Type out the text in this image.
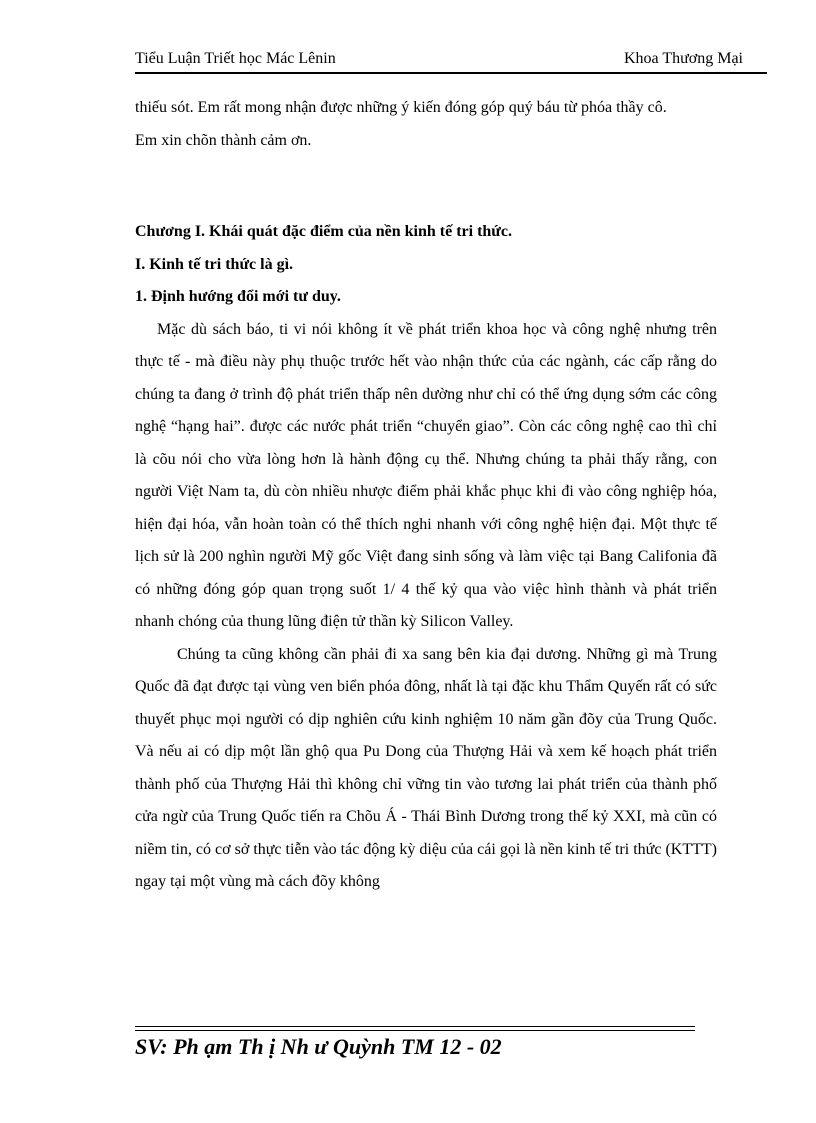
Tiểu Luận Triết học Mác Lênin	Khoa Thương Mại

thiếu sót. Em rất mong nhận được những ý kiến đóng góp quý báu từ phóa thầy cô.

Em xin chõn thành cảm ơn.

Chương I. Khái quát đặc điểm của nền kinh tế tri thức.

I. Kinh tế tri thức là gì.

1. Định hướng đổi mới tư duy.

Mặc dù sách báo, ti vi nói không ít về phát triển khoa học và công nghệ nhưng trên thực tế - mà điều này phụ thuộc trước hết vào nhận thức của các ngành, các cấp rằng do chúng ta đang ở trình độ phát triển thấp nên dường như chỉ có thể ứng dụng sớm các công nghệ “hạng hai”. được các nước phát triển “chuyển giao”. Còn các công nghệ cao thì chỉ là cõu nói cho vừa lòng hơn là hành động cụ thể. Nhưng chúng ta phải thấy rằng, con người Việt Nam ta, dù còn nhiều nhược điểm phải khắc phục khi đi vào công nghiệp hóa, hiện đại hóa, vẫn hoàn toàn có thể thích nghi nhanh với công nghệ hiện đại. Một thực tế lịch sử là 200 nghìn người Mỹ gốc Việt đang sinh sống và làm việc tại Bang Califonia đã có những đóng góp quan trọng suốt 1/ 4 thế kỷ qua vào việc hình thành và phát triển nhanh chóng của thung lũng điện tử thần kỳ Silicon Valley.

Chúng ta cũng không cần phải đi xa sang bên kia đại dương. Những gì mà Trung Quốc đã đạt được tại vùng ven biển phóa đông, nhất là tại đặc khu Thẩm Quyến rất có sức thuyết phục mọi người có dịp nghiên cứu kinh nghiệm 10 năm gần đõy của Trung Quốc. Và nếu ai có dịp một lần ghộ qua Pu Dong của Thượng Hải và xem kế hoạch phát triển thành phố của Thượng Hải thì không chỉ vững tin vào tương lai phát triển của thành phố cửa ngừ của Trung Quốc tiến ra Chõu Á - Thái Bình Dương trong thế kỷ XXI, mà cũn có niềm tin, có cơ sở thực tiễn vào tác động kỳ diệu của cái gọi là nền kinh tế tri thức (KTTT) ngay tại một vùng mà cách đõy không

SV: Ph ạm Th ị Nh ư Quỳnh TM 12 - 02
